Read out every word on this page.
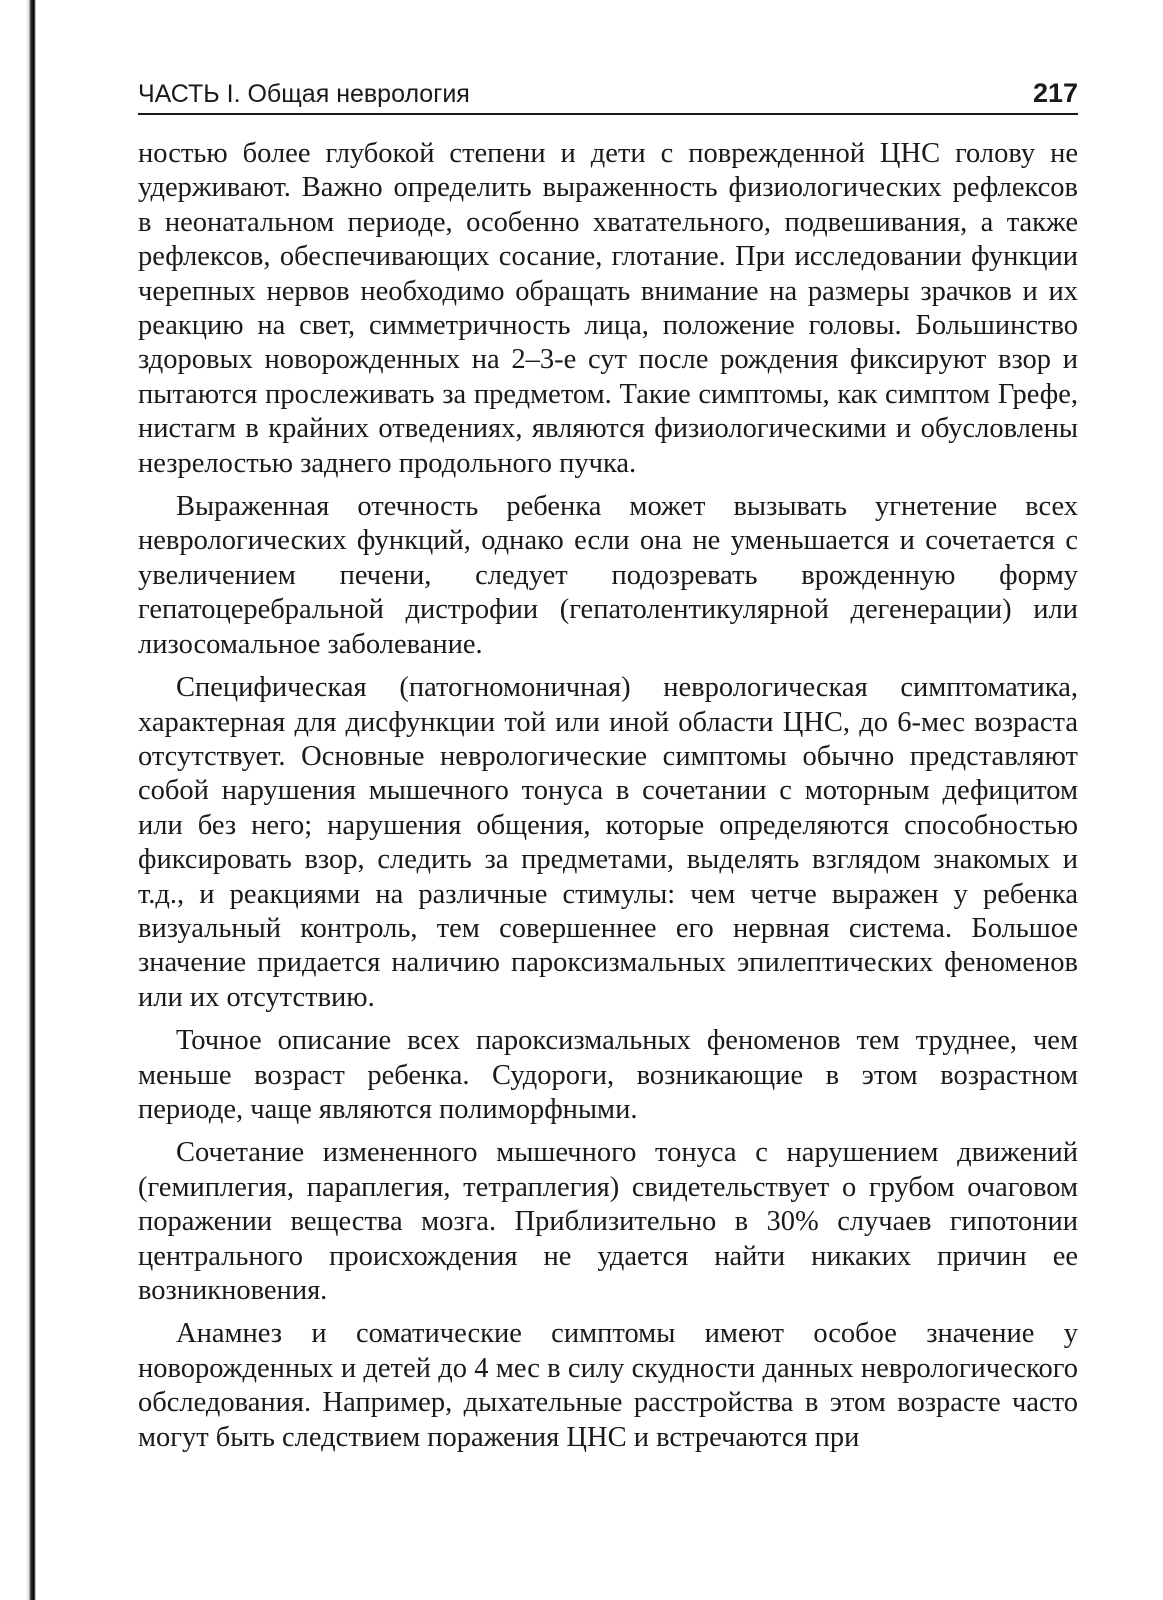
ЧАСТЬ I. Общая неврология	217

ностью более глубокой степени и дети с поврежденной ЦНС голову не удерживают. Важно определить выраженность физиологических рефлексов в неонатальном периоде, особенно хватательного, подвешивания, а также рефлексов, обеспечивающих сосание, глотание. При исследовании функции черепных нервов необходимо обращать внимание на размеры зрачков и их реакцию на свет, симметричность лица, положение головы. Большинство здоровых новорожденных на 2–3-е сут после рождения фиксируют взор и пытаются прослеживать за предметом. Такие симптомы, как симптом Грефе, нистагм в крайних отведениях, являются физиологическими и обусловлены незрелостью заднего продольного пучка.

Выраженная отечность ребенка может вызывать угнетение всех неврологических функций, однако если она не уменьшается и сочетается с увеличением печени, следует подозревать врожденную форму гепатоцеребральной дистрофии (гепатолентикулярной дегенерации) или лизосомальное заболевание.

Специфическая (патогномоничная) неврологическая симптоматика, характерная для дисфункции той или иной области ЦНС, до 6-мес возраста отсутствует. Основные неврологические симптомы обычно представляют собой нарушения мышечного тонуса в сочетании с моторным дефицитом или без него; нарушения общения, которые определяются способностью фиксировать взор, следить за предметами, выделять взглядом знакомых и т.д., и реакциями на различные стимулы: чем четче выражен у ребенка визуальный контроль, тем совершеннее его нервная система. Большое значение придается наличию пароксизмальных эпилептических феноменов или их отсутствию.

Точное описание всех пароксизмальных феноменов тем труднее, чем меньше возраст ребенка. Судороги, возникающие в этом возрастном периоде, чаще являются полиморфными.

Сочетание измененного мышечного тонуса с нарушением движений (гемиплегия, параплегия, тетраплегия) свидетельствует о грубом очаговом поражении вещества мозга. Приблизительно в 30% случаев гипотонии центрального происхождения не удается найти никаких причин ее возникновения.

Анамнез и соматические симптомы имеют особое значение у новорожденных и детей до 4 мес в силу скудности данных неврологического обследования. Например, дыхательные расстройства в этом возрасте часто могут быть следствием поражения ЦНС и встречаются при
